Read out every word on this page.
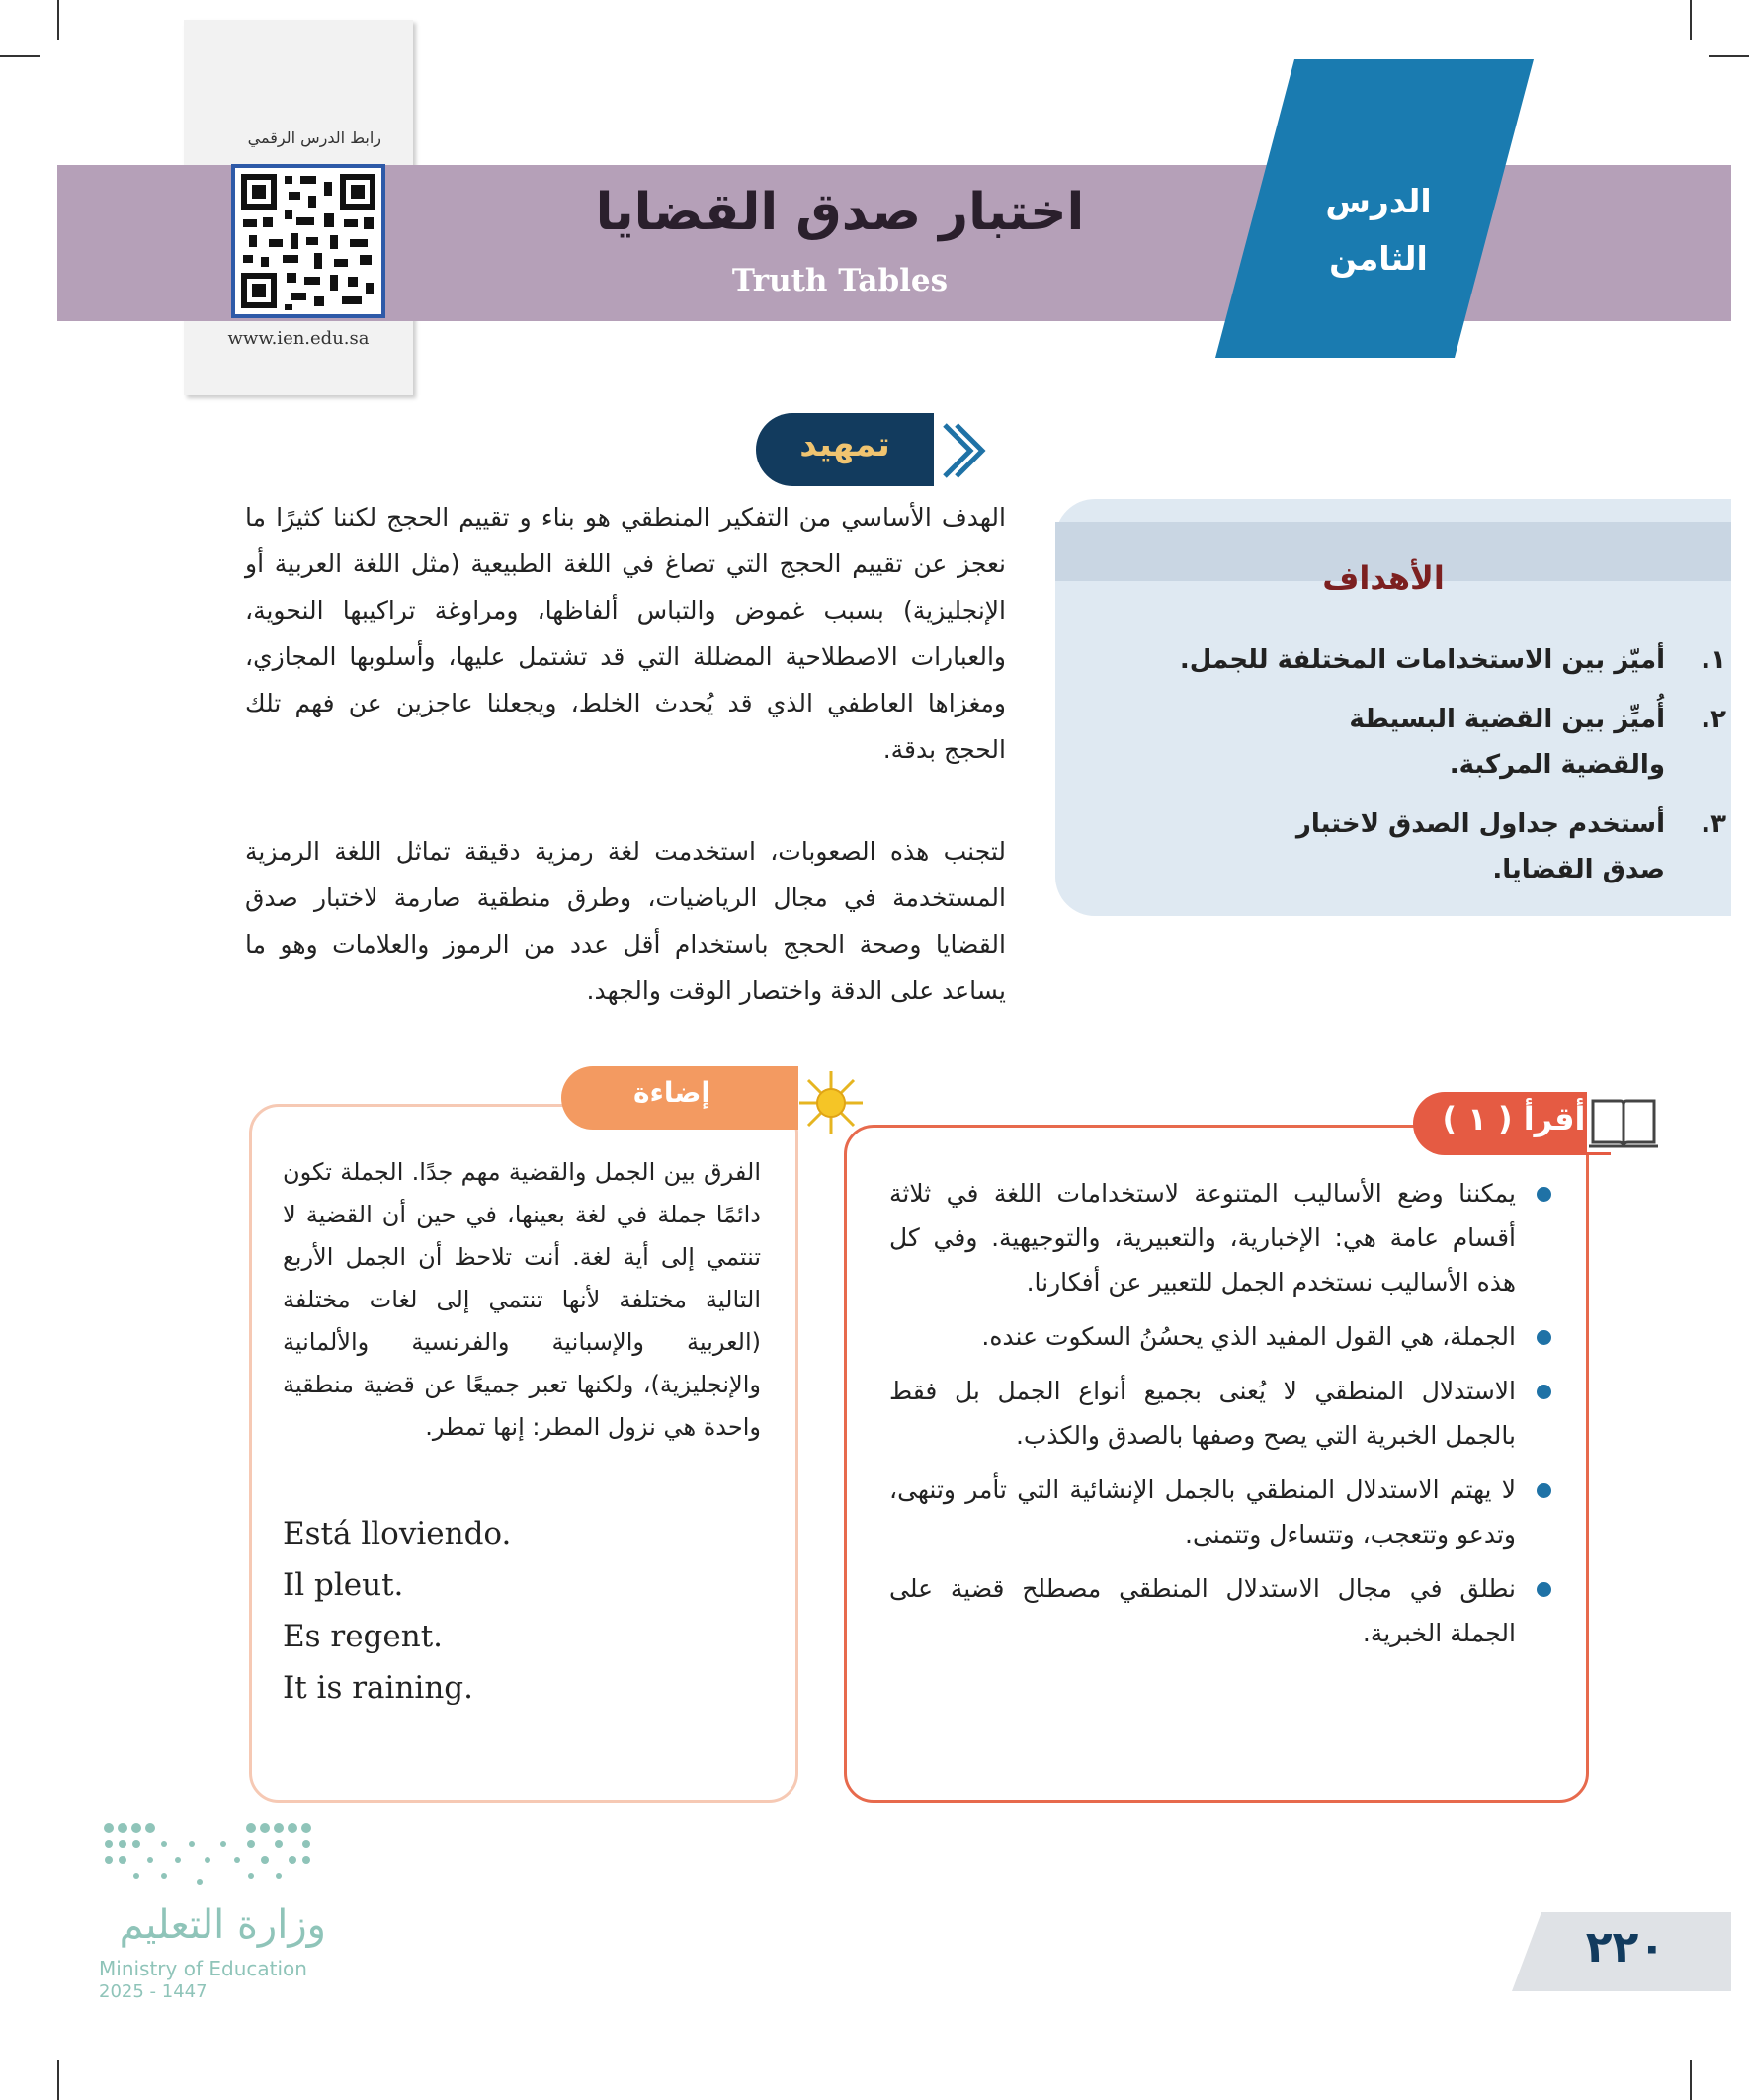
رابط الدرس الرقمي
www.ien.edu.sa
الدرس
الثامن
اختبار صدق القضايا
Truth Tables
تمهيد
الهدف الأساسي من التفكير المنطقي هو بناء و تقييم الحجج لكننا كثيرًا ما نعجز عن تقييم الحجج التي تصاغ في اللغة الطبيعية (مثل اللغة العربية أو الإنجليزية) بسبب غموض والتباس ألفاظها، ومراوغة تراكيبها النحوية، والعبارات الاصطلاحية المضللة التي قد تشتمل عليها، وأسلوبها المجازي، ومغزاها العاطفي الذي قد يُحدث الخلط، ويجعلنا عاجزين عن فهم تلك الحجج بدقة.
لتجنب هذه الصعوبات، استخدمت لغة رمزية دقيقة تماثل اللغة الرمزية المستخدمة في مجال الرياضيات، وطرق منطقية صارمة لاختبار صدق القضايا وصحة الحجج باستخدام أقل عدد من الرموز والعلامات وهو ما يساعد على الدقة واختصار الوقت والجهد.
الأهداف
.١
أميّز بين الاستخدامات المختلفة للجمل.
.٢
أُميِّز بين القضية البسيطة والقضية المركبة.
.٣
أستخدم جداول الصدق لاختبار صدق القضايا.
إضاءة
الفرق بين الجمل والقضية مهم جدًا. الجملة تكون دائمًا جملة في لغة بعينها، في حين أن القضية لا تنتمي إلى أية لغة. أنت تلاحظ أن الجمل الأربع التالية مختلفة لأنها تنتمي إلى لغات مختلفة (العربية والإسبانية والفرنسية والألمانية والإنجليزية)، ولكنها تعبر جميعًا عن قضية منطقية واحدة هي نزول المطر: إنها تمطر.
Está lloviendo.
Il pleut.
Es regent.
It is raining.
أقرأ ( ١ )
يمكننا وضع الأساليب المتنوعة لاستخدامات اللغة في ثلاثة أقسام عامة هي: الإخبارية، والتعبيرية، والتوجيهية. وفي كل هذه الأساليب نستخدم الجمل للتعبير عن أفكارنا.
الجملة، هي القول المفيد الذي يحسُنُ السكوت عنده.
الاستدلال المنطقي لا يُعنى بجميع أنواع الجمل بل فقط بالجمل الخبرية التي يصح وصفها بالصدق والكذب.
لا يهتم الاستدلال المنطقي بالجمل الإنشائية التي تأمر وتنهى، وتدعو وتتعجب، وتتساءل وتتمنى.
نطلق في مجال الاستدلال المنطقي مصطلح قضية على الجملة الخبرية.
وزارة التعليم
Ministry of Education
2025 - 1447
٢٢٠
